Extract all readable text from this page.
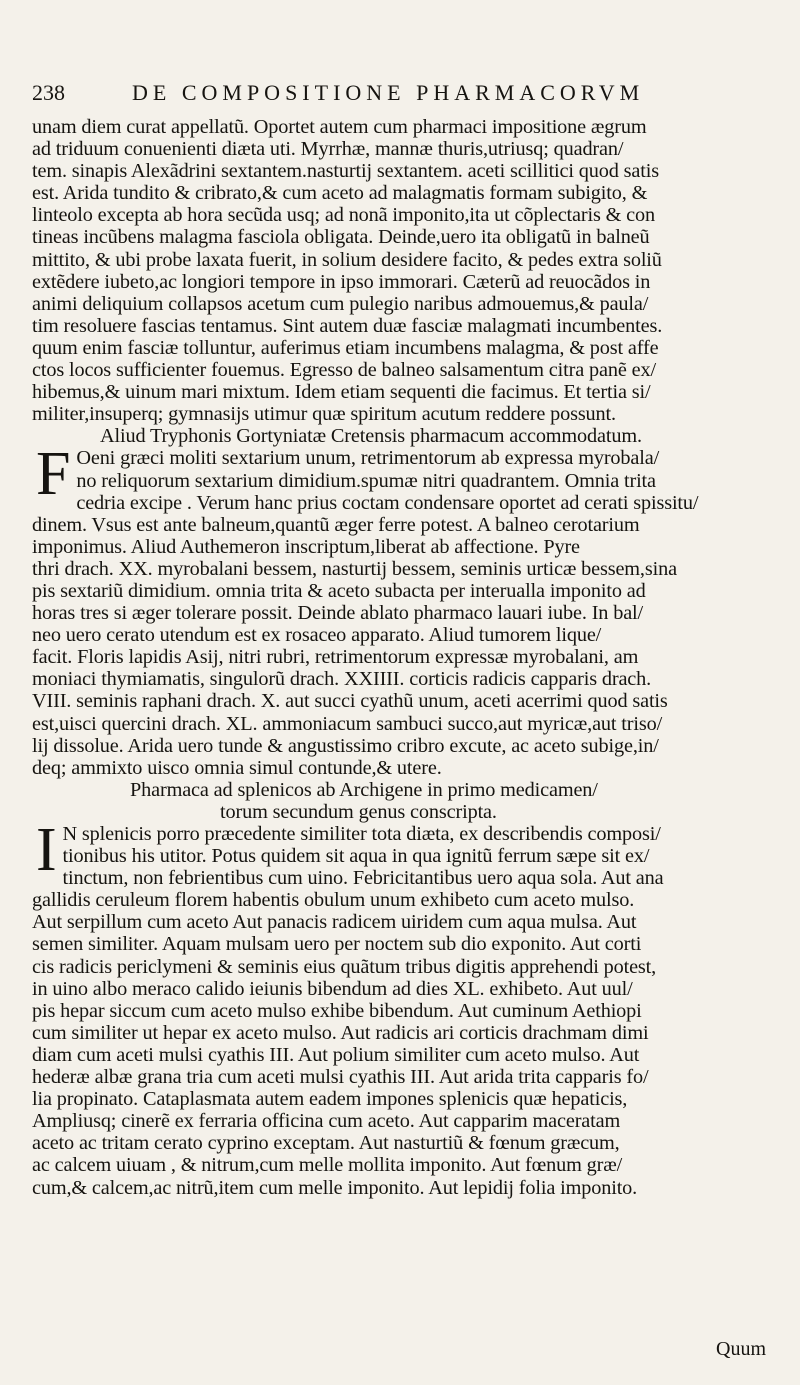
238	DE COMPOSITIONE PHARMACORVM
unam diem curat appellatũ. Oportet autem cum pharmaci impositione ægrum
ad triduum conuenienti diæta uti. Myrrhæ, mannæ thuris,utriusq; quadran/
tem. sinapis Alexãdrini sextantem.nasturtij sextantem. aceti scillitici quod satis
est. Arida tundito & cribrato,& cum aceto ad malagmatis formam subigito, &
linteolo excepta ab hora secũda usq; ad nonã imponito,ita ut cõplectaris & con
tineas incũbens malagma fasciola obligata. Deinde,uero ita obligatũ in balneũ
mittito, & ubi probe laxata fuerit, in solium desidere facito, & pedes extra soliũ
extẽdere iubeto,ac longiori tempore in ipso immorari. Cæterũ ad reuocãdos in
animi deliquium collapsos acetum cum pulegio naribus admouemus,& paula/
tim resoluere fascias tentamus. Sint autem duæ fasciæ malagmati incumbentes.
quum enim fasciæ tolluntur, auferimus etiam incumbens malagma, & post affe
ctos locos sufficienter fouemus. Egresso de balneo salsamentum citra panẽ ex/
hibemus,& uinum mari mixtum. Idem etiam sequenti die facimus. Et tertia si/
militer,insuperq; gymnasijs utimur quæ spiritum acutum reddere possunt.
Aliud Tryphonis Gortyniatæ Cretensis pharmacum accommodatum.
F Oeni græci moliti sextarium unum, retrimentorum ab expressa myrobala/
no reliquorum sextarium dimidium.spumæ nitri quadrantem. Omnia trita
cedria excipe . Verum hanc prius coctam condensare oportet ad cerati spissitu/
dinem. Vsus est ante balneum,quantũ æger ferre potest. A balneo cerotarium
imponimus. Aliud Authemeron inscriptum,liberat ab affectione. Pyre
thri drach. XX. myrobalani bessem, nasturtij bessem, seminis urticæ bessem,sina
pis sextariũ dimidium. omnia trita & aceto subacta per interualla imponito ad
horas tres si æger tolerare possit. Deinde ablato pharmaco lauari iube. In bal/
neo uero cerato utendum est ex rosaceo apparato. Aliud tumorem lique/
facit. Floris lapidis Asij, nitri rubri, retrimentorum expressæ myrobalani, am
moniaci thymiamatis, singulorũ drach. XXIIII. corticis radicis capparis drach.
VIII. seminis raphani drach. X. aut succi cyathũ unum, aceti acerrimi quod satis
est,uisci quercini drach. XL. ammoniacum sambuci succo,aut myricæ,aut triso/
lij dissolue. Arida uero tunde & angustissimo cribro excute, ac aceto subige,in/
deq; ammixto uisco omnia simul contunde,& utere.
Pharmaca ad splenicos ab Archigene in primo medicamen/
torum secundum genus conscripta.
I N splenicis porro præcedente similiter tota diæta, ex describendis composi/
tionibus his utitor. Potus quidem sit aqua in qua ignitũ ferrum sæpe sit ex/
tinctum, non febrientibus cum uino. Febricitantibus uero aqua sola. Aut ana
gallidis ceruleum florem habentis obulum unum exhibeto cum aceto mulso.
Aut serpillum cum aceto Aut panacis radicem uiridem cum aqua mulsa. Aut
semen similiter. Aquam mulsam uero per noctem sub dio exponito. Aut corti
cis radicis periclymeni & seminis eius quãtum tribus digitis apprehendi potest,
in uino albo meraco calido ieiunis bibendum ad dies XL. exhibeto. Aut uul/
pis hepar siccum cum aceto mulso exhibe bibendum. Aut cuminum Aethiopi
cum similiter ut hepar ex aceto mulso. Aut radicis ari corticis drachmam dimi
diam cum aceti mulsi cyathis III. Aut polium similiter cum aceto mulso. Aut
hederæ albæ grana tria cum aceti mulsi cyathis III. Aut arida trita capparis fo/
lia propinato. Cataplasmata autem eadem impones splenicis quæ hepaticis,
Ampliusq; cinerẽ ex ferraria officina cum aceto. Aut capparim maceratam
aceto ac tritam cerato cyprino exceptam. Aut nasturtiũ & fœnum græcum,
ac calcem uiuam , & nitrum,cum melle mollita imponito. Aut fœnum græ/
cum,& calcem,ac nitrũ,item cum melle imponito. Aut lepidij folia imponito.
Quum
